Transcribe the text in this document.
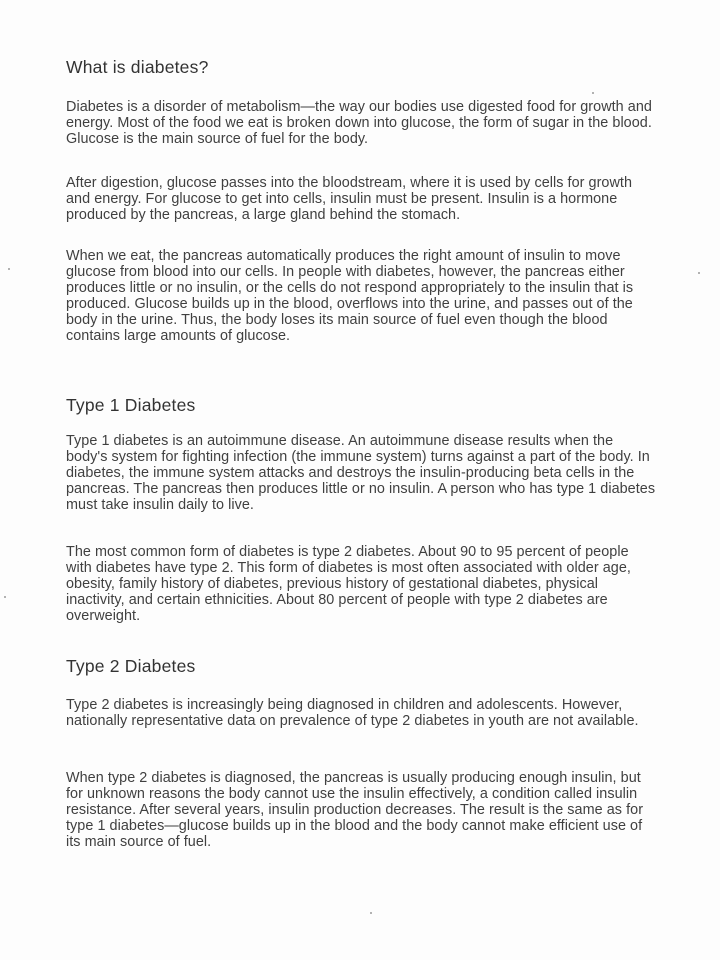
What is diabetes?

Diabetes is a disorder of metabolism—the way our bodies use digested food for growth and energy. Most of the food we eat is broken down into glucose, the form of sugar in the blood. Glucose is the main source of fuel for the body.

After digestion, glucose passes into the bloodstream, where it is used by cells for growth and energy. For glucose to get into cells, insulin must be present. Insulin is a hormone produced by the pancreas, a large gland behind the stomach.

When we eat, the pancreas automatically produces the right amount of insulin to move glucose from blood into our cells. In people with diabetes, however, the pancreas either produces little or no insulin, or the cells do not respond appropriately to the insulin that is produced. Glucose builds up in the blood, overflows into the urine, and passes out of the body in the urine. Thus, the body loses its main source of fuel even though the blood contains large amounts of glucose.

Type 1 Diabetes

Type 1 diabetes is an autoimmune disease. An autoimmune disease results when the body's system for fighting infection (the immune system) turns against a part of the body. In diabetes, the immune system attacks and destroys the insulin-producing beta cells in the pancreas. The pancreas then produces little or no insulin. A person who has type 1 diabetes must take insulin daily to live.

The most common form of diabetes is type 2 diabetes. About 90 to 95 percent of people with diabetes have type 2. This form of diabetes is most often associated with older age, obesity, family history of diabetes, previous history of gestational diabetes, physical inactivity, and certain ethnicities. About 80 percent of people with type 2 diabetes are overweight.

Type 2 Diabetes

Type 2 diabetes is increasingly being diagnosed in children and adolescents. However, nationally representative data on prevalence of type 2 diabetes in youth are not available.

When type 2 diabetes is diagnosed, the pancreas is usually producing enough insulin, but for unknown reasons the body cannot use the insulin effectively, a condition called insulin resistance. After several years, insulin production decreases. The result is the same as for type 1 diabetes—glucose builds up in the blood and the body cannot make efficient use of its main source of fuel.
